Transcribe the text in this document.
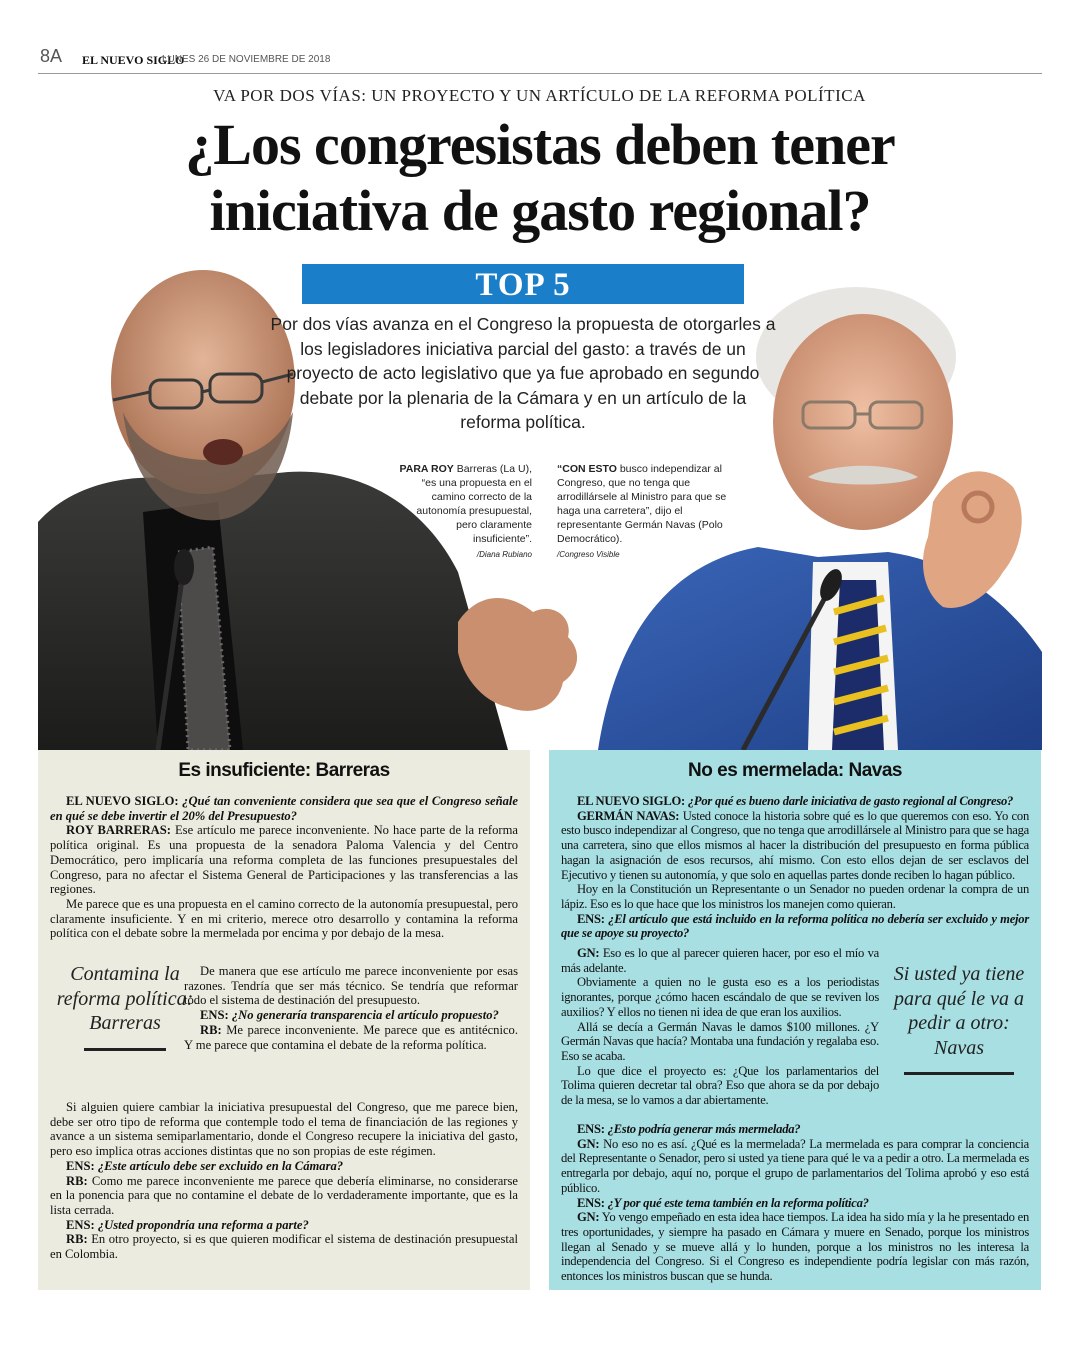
8A EL NUEVO SIGLO
LUNES 26 DE NOVIEMBRE DE 2018
VA POR DOS VÍAS: UN PROYECTO Y UN ARTÍCULO DE LA REFORMA POLÍTICA
¿Los congresistas deben tener
iniciativa de gasto regional?
TOP 5
Por dos vías avanza en el Congreso la propuesta de otorgarles a los legisladores iniciativa parcial del gasto: a través de un proyecto de acto legislativo que ya fue aprobado en segundo debate por la plenaria de la Cámara y en un artículo de la reforma política.
PARA ROY Barreras (La U), “es una propuesta en el camino correcto de la autonomía presupuestal, pero claramente insuficiente”.
/Diana Rubiano
“CON ESTO busco independizar al Congreso, que no tenga que arrodillársele al Ministro para que se haga una carretera”, dijo el representante Germán Navas (Polo Democrático).
/Congreso Visible
Es insuficiente: Barreras

EL NUEVO SIGLO: ¿Qué tan conveniente considera que sea que el Congreso señale en qué se debe invertir el 20% del Presupuesto?

ROY BARRERAS: Ese artículo me parece inconveniente. No hace parte de la reforma política original. Es una propuesta de la senadora Paloma Valencia y del Centro Democrático, pero implicaría una reforma completa de las funciones presupuestales del Congreso, para no afectar el Sistema General de Participaciones y las transferencias a las regiones.

Me parece que es una propuesta en el camino correcto de la autonomía presupuestal, pero claramente insuficiente. Y en mi criterio, merece otro desarrollo y contamina la reforma política con el debate sobre la mermelada por encima y por debajo de la mesa.

Contamina la reforma política: Barreras

De manera que ese artículo me parece inconveniente por esas razones. Tendría que ser más técnico. Se tendría que reformar todo el sistema de destinación del presupuesto.

ENS: ¿No generaría transparencia el artículo propuesto?

RB: Me parece inconveniente. Me parece que es antitécnico. Y me parece que contamina el debate de la reforma política.

Si alguien quiere cambiar la iniciativa presupuestal del Congreso, que me parece bien, debe ser otro tipo de reforma que contemple todo el tema de financiación de las regiones y avance a un sistema semiparlamentario, donde el Congreso recupere la iniciativa del gasto, pero eso implica otras acciones distintas que no son propias de este régimen.

ENS: ¿Este artículo debe ser excluido en la Cámara?

RB: Como me parece inconveniente me parece que debería eliminarse, no considerarse en la ponencia para que no contamine el debate de lo verdaderamente importante, que es la lista cerrada.

ENS: ¿Usted propondría una reforma a parte?

RB: En otro proyecto, si es que quieren modificar el sistema de destinación presupuestal en Colombia.

No es mermelada: Navas

EL NUEVO SIGLO: ¿Por qué es bueno darle iniciativa de gasto regional al Congreso?

GERMÁN NAVAS: Usted conoce la historia sobre qué es lo que queremos con eso. Yo con esto busco independizar al Congreso, que no tenga que arrodillársele al Ministro para que se haga una carretera, sino que ellos mismos al hacer la distribución del presupuesto en forma pública hagan la asignación de esos recursos, ahí mismo. Con esto ellos dejan de ser esclavos del Ejecutivo y tienen su autonomía, y que solo en aquellas partes donde reciben lo hagan público.

Hoy en la Constitución un Representante o un Senador no pueden ordenar la compra de un lápiz. Eso es lo que hace que los ministros los manejen como quieran.

ENS: ¿El artículo que está incluido en la reforma política no debería ser excluido y mejor que se apoye su proyecto?

GN: Eso es lo que al parecer quieren hacer, por eso el mío va más adelante.

Obviamente a quien no le gusta eso es a los periodistas ignorantes, porque ¿cómo hacen escándalo de que se reviven los auxilios? Y ellos no tienen ni idea de que eran los auxilios.

Allá se decía a Germán Navas le damos $100 millones. ¿Y Germán Navas que hacía? Montaba una fundación y regalaba eso. Eso se acaba.

Lo que dice el proyecto es: ¿Que los parlamentarios del Tolima quieren decretar tal obra? Eso que ahora se da por debajo de la mesa, se lo vamos a dar abiertamente.

Si usted ya tiene para qué le va a pedir a otro: Navas

ENS: ¿Esto podría generar más mermelada?

GN: No eso no es así. ¿Qué es la mermelada? La mermelada es para comprar la conciencia del Representante o Senador, pero si usted ya tiene para qué le va a pedir a otro. La mermelada es entregarla por debajo, aquí no, porque el grupo de parlamentarios del Tolima aprobó y eso está público.

ENS: ¿Y por qué este tema también en la reforma política?

GN: Yo vengo empeñado en esta idea hace tiempos. La idea ha sido mía y la he presentado en tres oportunidades, y siempre ha pasado en Cámara y muere en Senado, porque los ministros llegan al Senado y se mueve allá y lo hunden, porque a los ministros no les interesa la independencia del Congreso. Si el Congreso es independiente podría legislar con más razón, entonces los ministros buscan que se hunda.
